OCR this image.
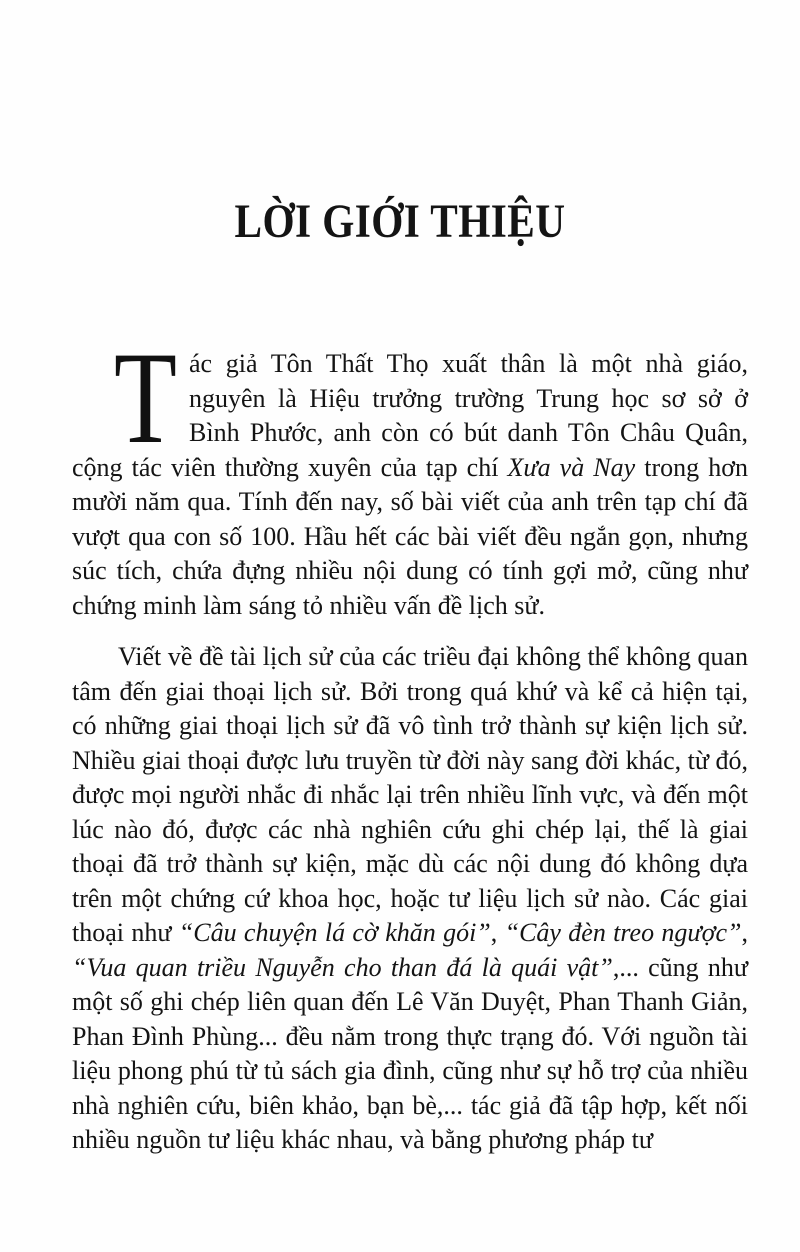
LỜI GIỚI THIỆU

Tác giả Tôn Thất Thọ xuất thân là một nhà giáo, nguyên là Hiệu trưởng trường Trung học sơ sở ở Bình Phước, anh còn có bút danh Tôn Châu Quân, cộng tác viên thường xuyên của tạp chí Xưa và Nay trong hơn mười năm qua. Tính đến nay, số bài viết của anh trên tạp chí đã vượt qua con số 100. Hầu hết các bài viết đều ngắn gọn, nhưng súc tích, chứa đựng nhiều nội dung có tính gợi mở, cũng như chứng minh làm sáng tỏ nhiều vấn đề lịch sử.

Viết về đề tài lịch sử của các triều đại không thể không quan tâm đến giai thoại lịch sử. Bởi trong quá khứ và kể cả hiện tại, có những giai thoại lịch sử đã vô tình trở thành sự kiện lịch sử. Nhiều giai thoại được lưu truyền từ đời này sang đời khác, từ đó, được mọi người nhắc đi nhắc lại trên nhiều lĩnh vực, và đến một lúc nào đó, được các nhà nghiên cứu ghi chép lại, thế là giai thoại đã trở thành sự kiện, mặc dù các nội dung đó không dựa trên một chứng cứ khoa học, hoặc tư liệu lịch sử nào. Các giai thoại như “Câu chuyện lá cờ khăn gói”, “Cây đèn treo ngược”, “Vua quan triều Nguyễn cho than đá là quái vật”,... cũng như một số ghi chép liên quan đến Lê Văn Duyệt, Phan Thanh Giản, Phan Đình Phùng... đều nằm trong thực trạng đó. Với nguồn tài liệu phong phú từ tủ sách gia đình, cũng như sự hỗ trợ của nhiều nhà nghiên cứu, biên khảo, bạn bè,... tác giả đã tập hợp, kết nối nhiều nguồn tư liệu khác nhau, và bằng phương pháp tư
